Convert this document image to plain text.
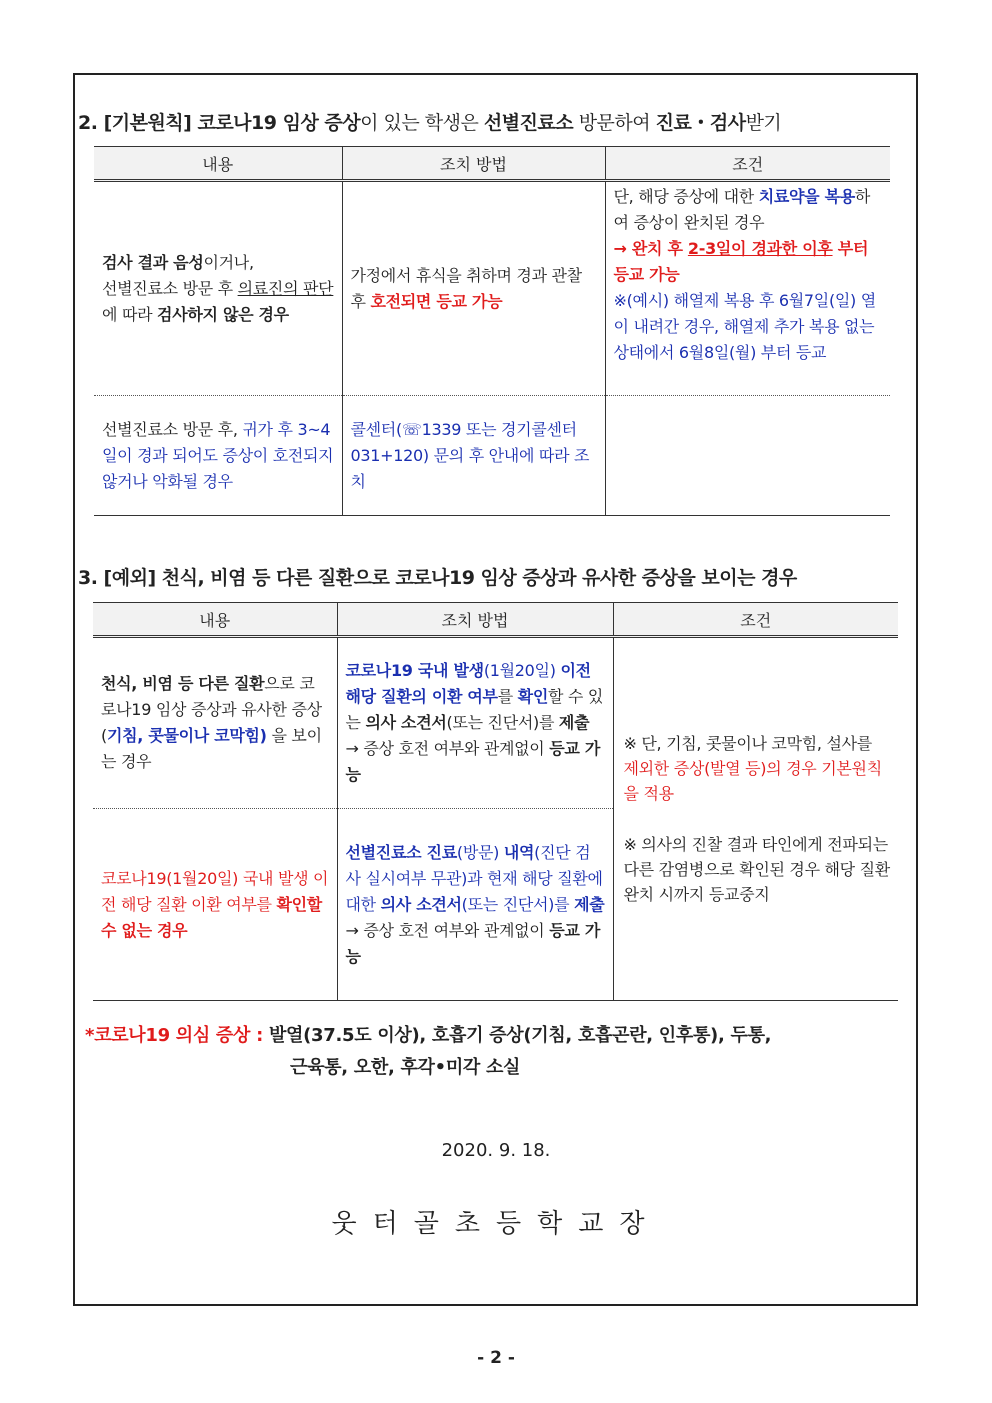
2. [기본원칙] 코로나19 임상 증상이 있는 학생은 선별진료소 방문하여 진료・검사받기
내용	조치 방법	조건
검사 결과 음성이거나,
선별진료소 방문 후 의료진의 판단에 따라 검사하지 않은 경우	가정에서 휴식을 취하며 경과 관찰 후 호전되면 등교 가능	단, 해당 증상에 대한 치료약을 복용하여 증상이 완치된 경우
→ 완치 후 2-3일이 경과한 이후 부터 등교 가능
※(예시) 해열제 복용 후 6월7일(일) 열이 내려간 경우, 해열제 추가 복용 없는 상태에서 6월8일(월) 부터 등교
선별진료소 방문 후, 귀가 후 3~4일이 경과 되어도 증상이 호전되지 않거나 악화될 경우	콜센터(☏1339 또는 경기콜센터 031+120) 문의 후 안내에 따라 조치	
3. [예외] 천식, 비염 등 다른 질환으로 코로나19 임상 증상과 유사한 증상을 보이는 경우
내용	조치 방법	조건
천식, 비염 등 다른 질환으로 코로나19 임상 증상과 유사한 증상(기침, 콧물이나 코막힘) 을 보이는 경우	코로나19 국내 발생(1월20일) 이전 해당 질환의 이환 여부를 확인할 수 있는 의사 소견서(또는 진단서)를 제출 → 증상 호전 여부와 관계없이 등교 가능	※ 단, 기침, 콧물이나 코막힘, 설사를 제외한 증상(발열 등)의 경우 기본원칙을 적용
※ 의사의 진찰 결과 타인에게 전파되는 다른 감염병으로 확인된 경우 해당 질환 완치 시까지 등교중지
코로나19(1월20일) 국내 발생 이전 해당 질환 이환 여부를 확인할 수 없는 경우	선별진료소 진료(방문) 내역(진단 검사 실시여부 무관)과 현재 해당 질환에 대한 의사 소견서(또는 진단서)를 제출 → 증상 호전 여부와 관계없이 등교 가능	
*코로나19 의심 증상 : 발열(37.5도 이상), 호흡기 증상(기침, 호흡곤란, 인후통), 두통,
근육통, 오한, 후각•미각 소실
2020. 9. 18.
웃터골초등학교장
- 2 -
